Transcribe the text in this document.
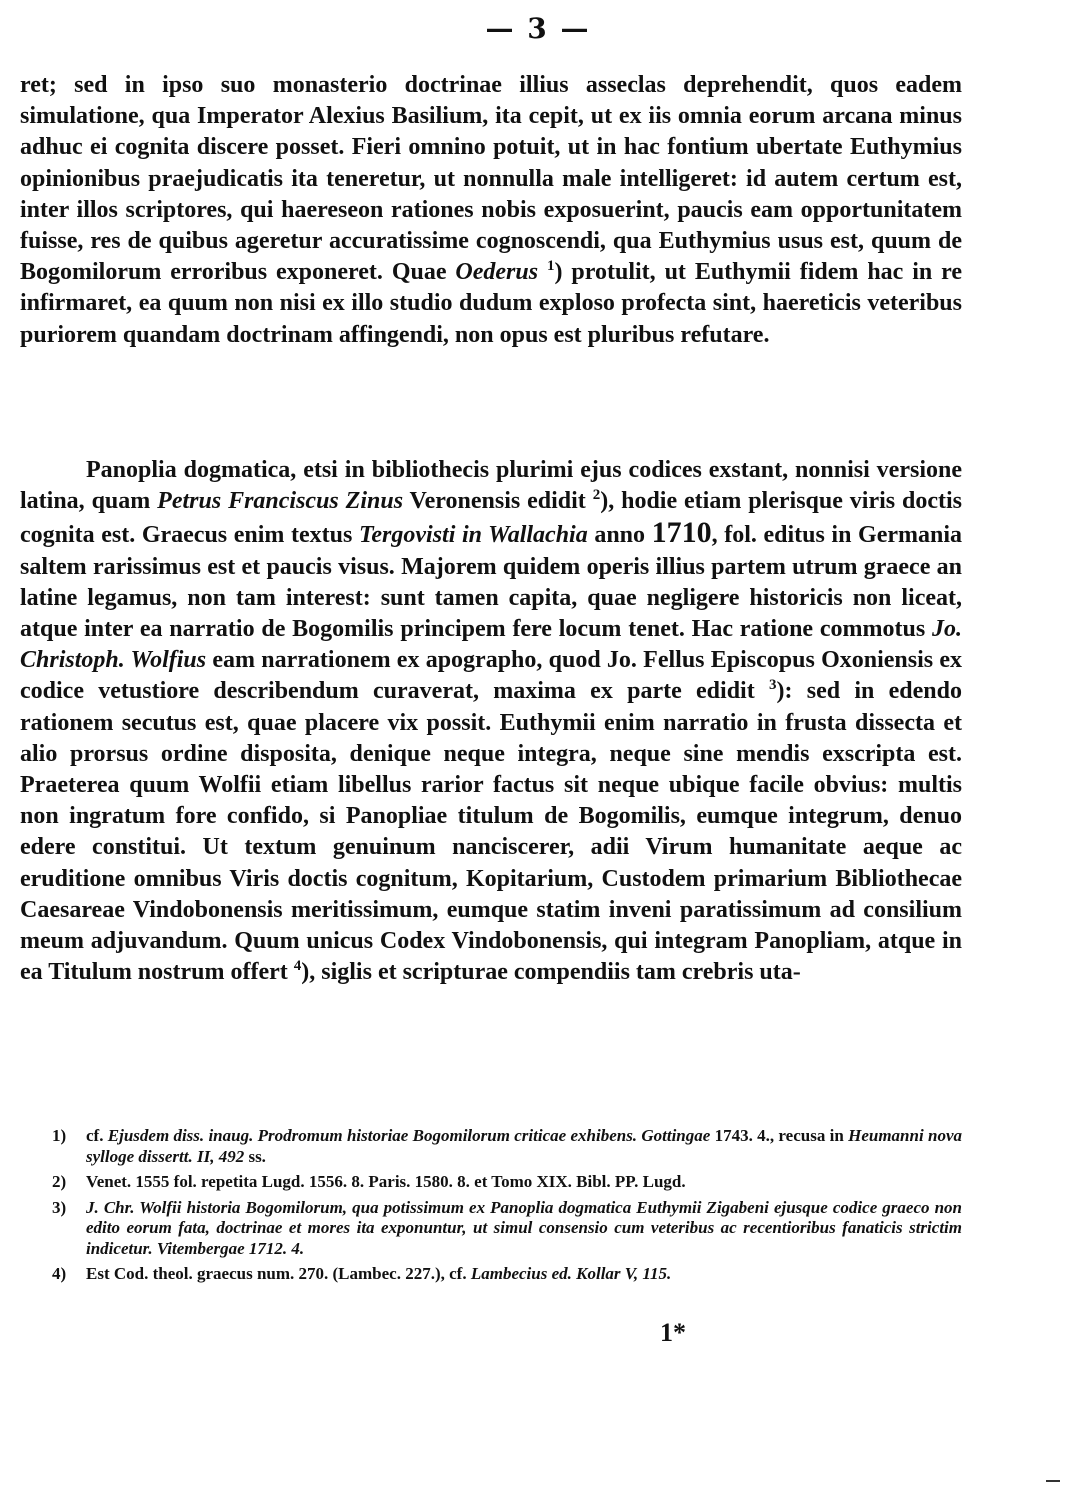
— 3 —

ret; sed in ipso suo monasterio doctrinae illius asseclas deprehendit, quos eadem simulatione, qua Imperator Alexius Basilium, ita cepit, ut ex iis omnia eorum arcana minus adhuc ei cognita discere posset. Fieri omnino potuit, ut in hac fontium ubertate Euthymius opinionibus praejudicatis ita teneretur, ut nonnulla male intelligeret: id autem certum est, inter illos scriptores, qui haereseon rationes nobis exposuerint, paucis eam opportunitatem fuisse, res de quibus ageretur accuratissime cognoscendi, qua Euthymius usus est, quum de Bogomilorum erroribus exponeret. Quae Oederus $^1$) protulit, ut Euthymii fidem hac in re infirmaret, ea quum non nisi ex illo studio dudum exploso profecta sint, haereticis veteribus puriorem quandam doctrinam affingendi, non opus est pluribus refutare.

Panoplia dogmatica, etsi in bibliothecis plurimi ejus codices exstant, nonnisi versione latina, quam Petrus Franciscus Zinus Veronensis edidit $^2$), hodie etiam plerisque viris doctis cognita est. Graecus enim textus Tergovisti in Wallachia anno 1710, fol. editus in Germania saltem rarissimus est et paucis visus. Majorem quidem operis illius partem utrum graece an latine legamus, non tam interest: sunt tamen capita, quae negligere historicis non liceat, atque inter ea narratio de Bogomilis principem fere locum tenet. Hac ratione commotus Jo. Christoph. Wolfius eam narrationem ex apographo, quod Jo. Fellus Episcopus Oxoniensis ex codice vetustiore describendum curaverat, maxima ex parte edidit $^3$): sed in edendo rationem secutus est, quae placere vix possit. Euthymii enim narratio in frusta dissecta et alio prorsus ordine disposita, denique neque integra, neque sine mendis exscripta est. Praeterea quum Wolfii etiam libellus rarior factus sit neque ubique facile obvius: multis non ingratum fore confido, si Panopliae titulum de Bogomilis, eumque integrum, denuo edere constitui. Ut textum genuinum nanciscerer, adii Virum humanitate aeque ac eruditione omnibus Viris doctis cognitum, Kopitarium, Custodem primarium Bibliothecae Caesareae Vindobonensis meritissimum, eumque statim inveni paratissimum ad consilium meum adjuvandum. Quum unicus Codex Vindobonensis, qui integram Panopliam, atque in ea Titulum nostrum offert $^4$), siglis et scripturae compendiis tam crebris uta-

1) cf. Ejusdem diss. inaug. Prodromum historiae Bogomilorum criticae exhibens. Gottingae 1743. 4., recusa in Heumanni nova sylloge dissertt. II, 492 ss.
2) Venet. 1555 fol. repetita Lugd. 1556. 8. Paris. 1580. 8. et Tomo XIX. Bibl. PP. Lugd.
3) J. Chr. Wolfii historia Bogomilorum, qua potissimum ex Panoplia dogmatica Euthymii Zigabeni ejusque codice graeco non edito eorum fata, doctrinae et mores ita exponuntur, ut simul consensio cum veteribus ac recentioribus fanaticis strictim indicetur. Vitembergae 1712. 4.
4) Est Cod. theol. graecus num. 270. (Lambec. 227.), cf. Lambecius ed. Kollar V, 115.
1*
